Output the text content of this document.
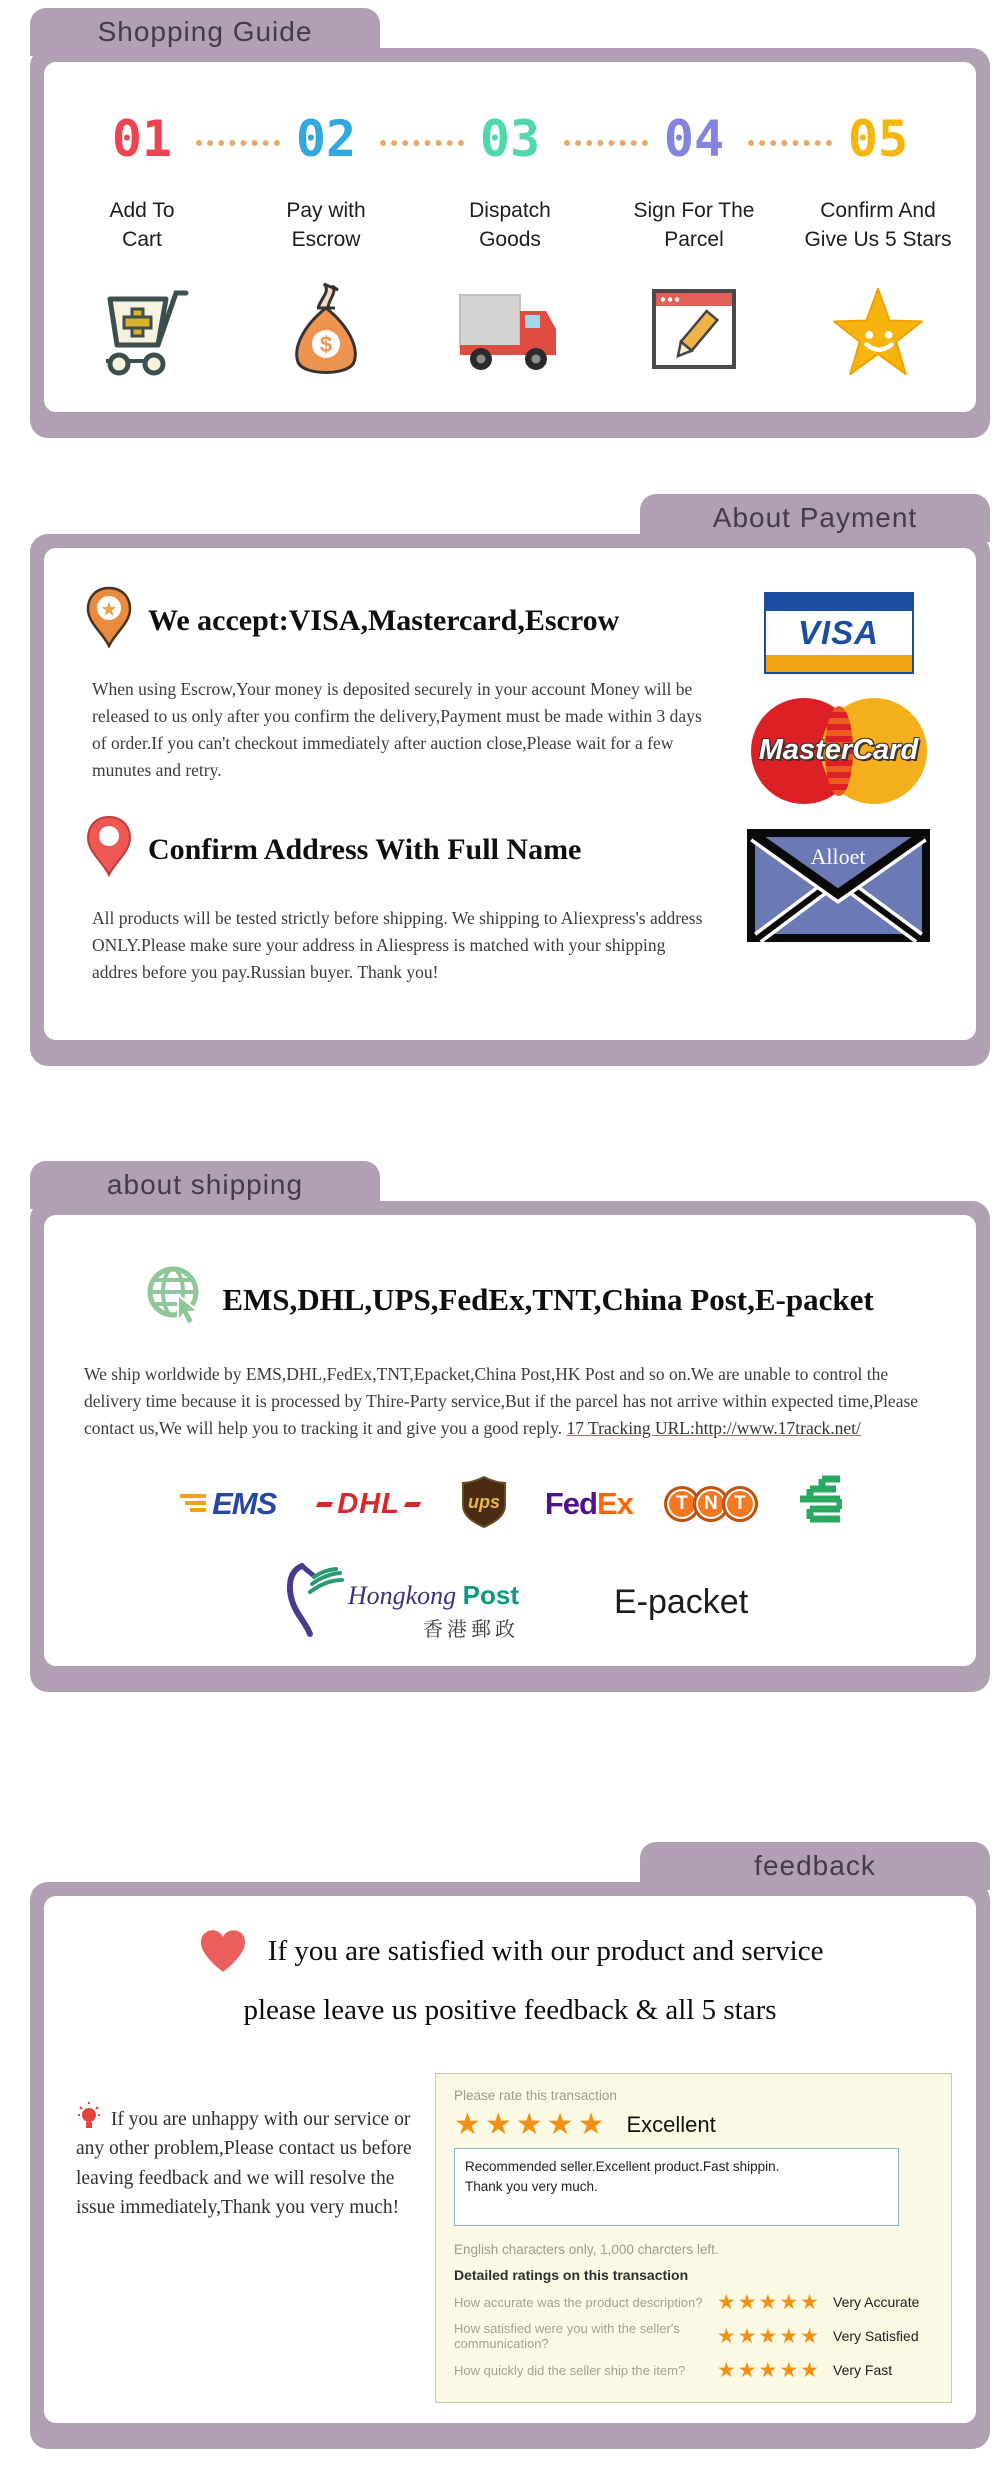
Shopping Guide
01
Add To
Cart
02
Pay with
Escrow
$
03
Dispatch
Goods
04
Sign For The
Parcel
05
Confirm And
Give Us 5 Stars
About Payment
★ We accept:VISA,Mastercard,Escrow

When using Escrow,Your money is deposited securely in your account Money will be released to us only after you confirm the delivery,Payment must be made within 3 days of order.If you can't checkout immediately after auction close,Please wait for a few munutes and retry.

Confirm Address With Full Name

All products will be tested strictly before shipping. We shipping to Aliexpress's address ONLY.Please make sure your address in Aliespress is matched with your shipping addres before you pay.Russian buyer. Thank you!

VISA
MasterCard
Alloet
about shipping
EMS,DHL,UPS,FedEx,TNT,China Post,E-packet

We ship worldwide by EMS,DHL,FedEx,TNT,Epacket,China Post,HK Post and so on.We are unable to control the delivery time because it is processed by Thire-Party service,But if the parcel has not arrive within expected time,Please contact us,We will help you to tracking it and give you a good reply. 17 Tracking URL:http://www.17track.net/

EMS DHL	ups FedEx	T N T
Hongkong Post
香港郵政
E-packet
feedback
If you are satisfied with our product and service
please leave us positive feedback & all 5 stars
If you are unhappy with our service or any other problem,Please contact us before leaving feedback and we will resolve the issue immediately,Thank you very much!
Please rate this transaction
★★★★★ Excellent
Recommended seller.Excellent product.Fast shippin.
Thank you very much.
English characters only, 1,000 charcters left.
Detailed ratings on this transaction
How accurate was the product description? ★★★★★ Very Accurate
How satisfied were you with the seller's communication?	★★★★★ Very Satisfied
How quickly did the seller ship the item?	★★★★★ Very Fast
